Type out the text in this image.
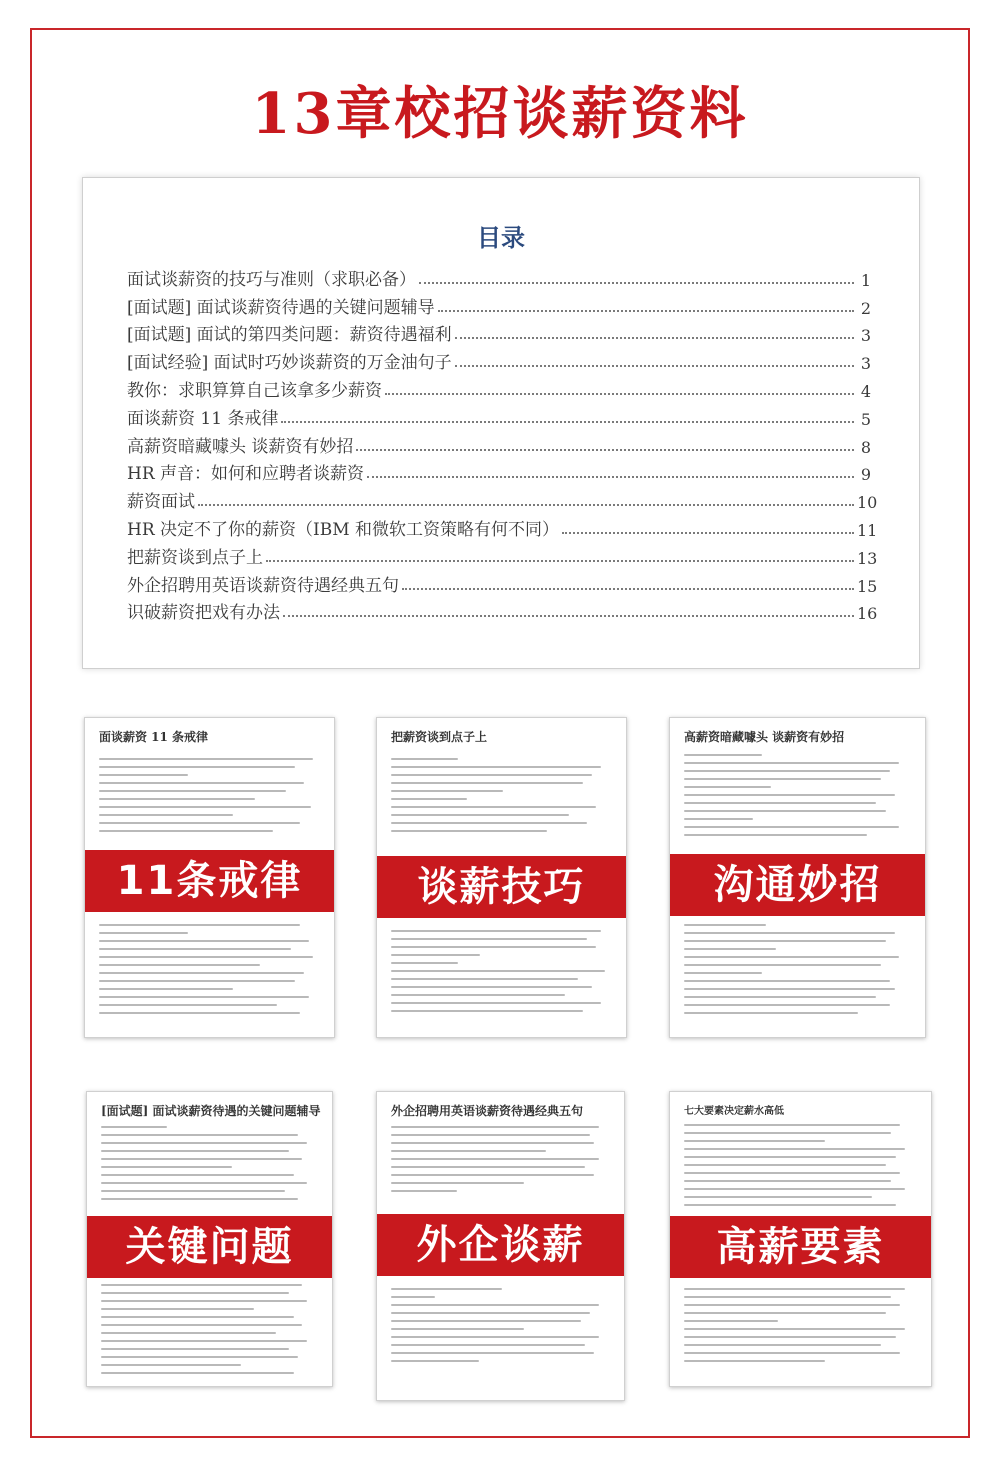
13章校招谈薪资料
目录
面试谈薪资的技巧与准则（求职必备）	1
[面试题] 面试谈薪资待遇的关键问题辅导	2
[面试题] 面试的第四类问题：薪资待遇福利	3
[面试经验] 面试时巧妙谈薪资的万金油句子	3
教你：求职算算自己该拿多少薪资	4
面谈薪资 11 条戒律	5
高薪资暗藏噱头 谈薪资有妙招	8
HR 声音：如何和应聘者谈薪资	9
薪资面试	10
HR 决定不了你的薪资（IBM 和微软工资策略有何不同）	11
把薪资谈到点子上	13
外企招聘用英语谈薪资待遇经典五句	15
识破薪资把戏有办法	16
面谈薪资 11 条戒律
11条戒律
把薪资谈到点子上
谈薪技巧
高薪资暗藏噱头 谈薪资有妙招
沟通妙招
[面试题] 面试谈薪资待遇的关键问题辅导
关键问题
外企招聘用英语谈薪资待遇经典五句
外企谈薪
七大要素决定薪水高低
高薪要素
